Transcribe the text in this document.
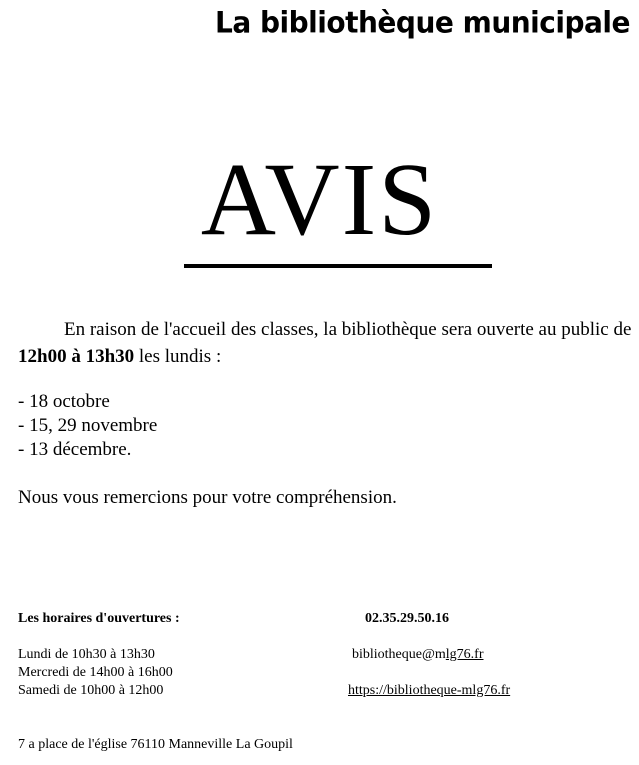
La bibliothèque municipale
AVIS
En raison de l'accueil des classes, la bibliothèque sera ouverte au public de 12h00 à 13h30 les lundis :
- 18 octobre
- 15, 29 novembre
- 13 décembre.
Nous vous remercions pour votre compréhension.
Les horaires d'ouvertures :	02.35.29.50.16
Lundi de 10h30 à 13h30
Mercredi de 14h00 à 16h00
Samedi de 10h00 à 12h00
bibliotheque@mlg76.fr
https://bibliotheque-mlg76.fr
7 a place de l'église 76110 Manneville La Goupil
